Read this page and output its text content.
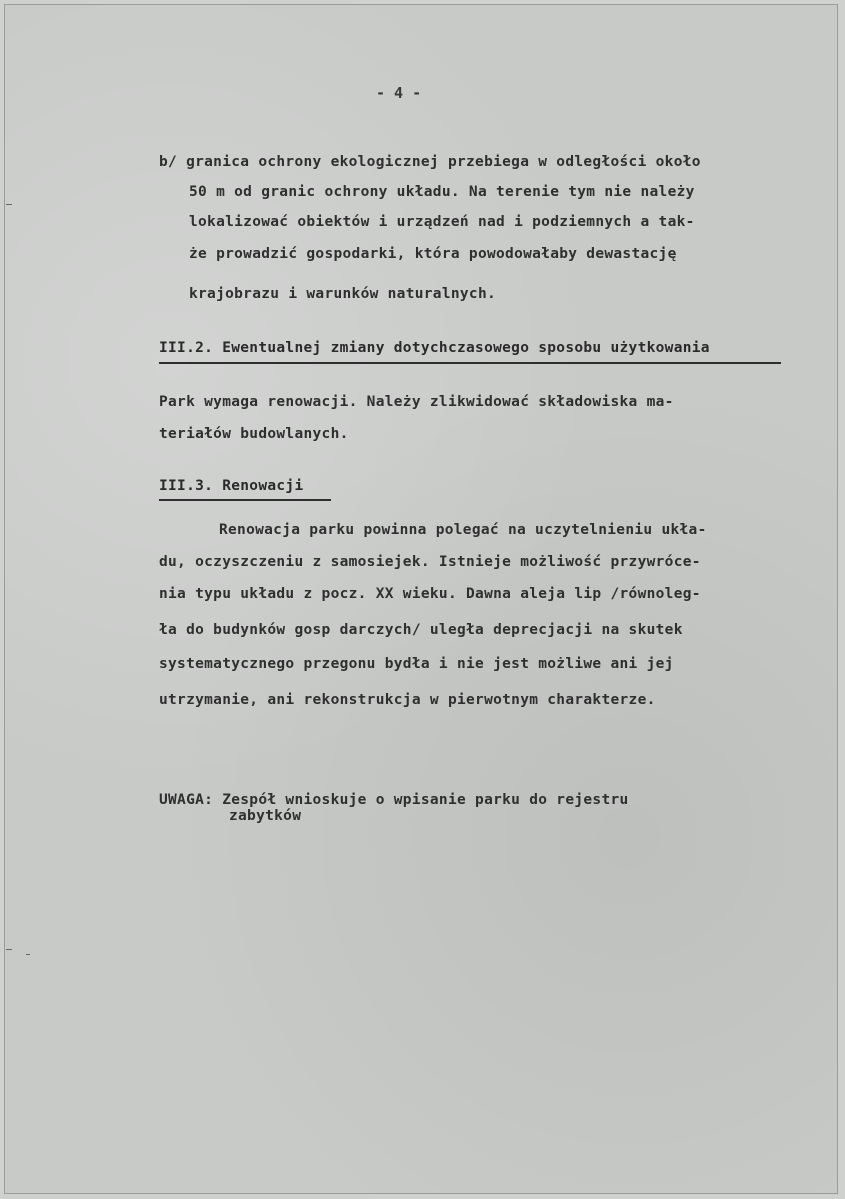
- 4 -
b/ granica ochrony ekologicznej przebiega w odległości około
50 m od granic ochrony układu. Na terenie tym nie należy
lokalizować obiektów i urządzeń nad i podziemnych a tak-
że prowadzić gospodarki, która powodowałaby dewastację
krajobrazu i warunków naturalnych.
III.2. Ewentualnej zmiany dotychczasowego sposobu użytkowania
Park wymaga renowacji. Należy zlikwidować składowiska ma-
teriałów budowlanych.
III.3. Renowacji
Renowacja parku powinna polegać na uczytelnieniu ukła-
du, oczyszczeniu z samosiejek. Istnieje możliwość przywróce-
nia typu układu z pocz. XX wieku. Dawna aleja lip /równoleg-
ła do budynków gosp darczych/ uległa deprecjacji na skutek
systematycznego przegonu bydła i nie jest możliwe ani jej
utrzymanie, ani rekonstrukcja w pierwotnym charakterze.
UWAGA: Zespół wnioskuje o wpisanie parku do rejestru
zabytków
